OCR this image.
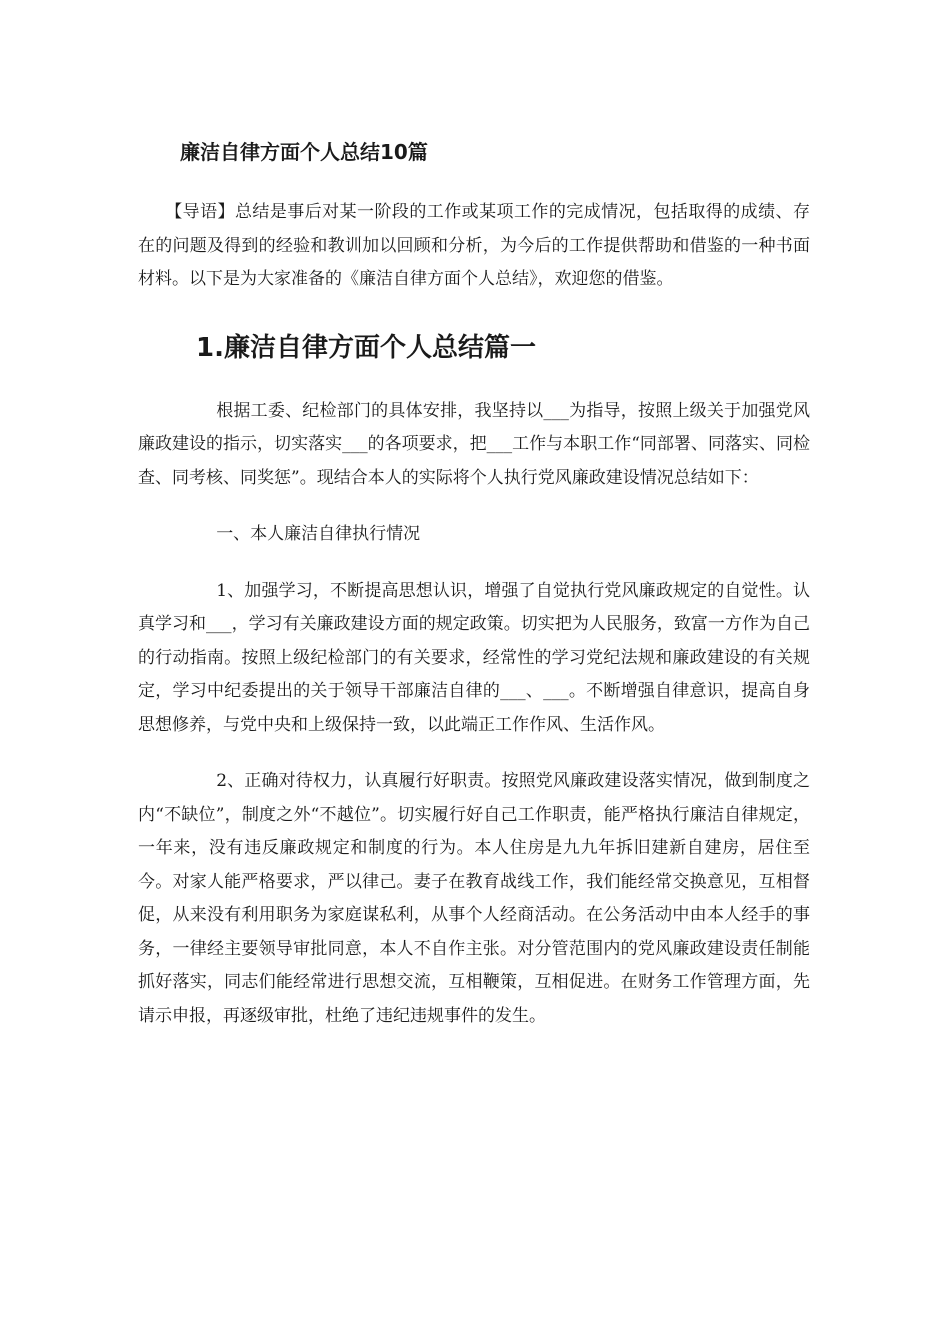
廉洁自律方面个人总结10篇

【导语】总结是事后对某一阶段的工作或某项工作的完成情况，包括取得的成绩、存在的问题及得到的经验和教训加以回顾和分析，为今后的工作提供帮助和借鉴的一种书面材料。以下是为大家准备的《廉洁自律方面个人总结》，欢迎您的借鉴。

1.廉洁自律方面个人总结篇一

根据工委、纪检部门的具体安排，我坚持以___为指导，按照上级关于加强党风廉政建设的指示，切实落实___的各项要求，把___工作与本职工作“同部署、同落实、同检查、同考核、同奖惩”。现结合本人的实际将个人执行党风廉政建设情况总结如下：

一、本人廉洁自律执行情况

1、加强学习，不断提高思想认识，增强了自觉执行党风廉政规定的自觉性。认真学习和___，学习有关廉政建设方面的规定政策。切实把为人民服务，致富一方作为自己的行动指南。按照上级纪检部门的有关要求，经常性的学习党纪法规和廉政建设的有关规定，学习中纪委提出的关于领导干部廉洁自律的___、___。不断增强自律意识，提高自身思想修养，与党中央和上级保持一致，以此端正工作作风、生活作风。

2、正确对待权力，认真履行好职责。按照党风廉政建设落实情况，做到制度之内“不缺位”，制度之外“不越位”。切实履行好自己工作职责，能严格执行廉洁自律规定，一年来，没有违反廉政规定和制度的行为。本人住房是九九年拆旧建新自建房，居住至今。对家人能严格要求，严以律己。妻子在教育战线工作，我们能经常交换意见，互相督促，从来没有利用职务为家庭谋私利，从事个人经商活动。在公务活动中由本人经手的事务，一律经主要领导审批同意，本人不自作主张。对分管范围内的党风廉政建设责任制能抓好落实，同志们能经常进行思想交流，互相鞭策，互相促进。在财务工作管理方面，先请示申报，再逐级审批，杜绝了违纪违规事件的发生。
